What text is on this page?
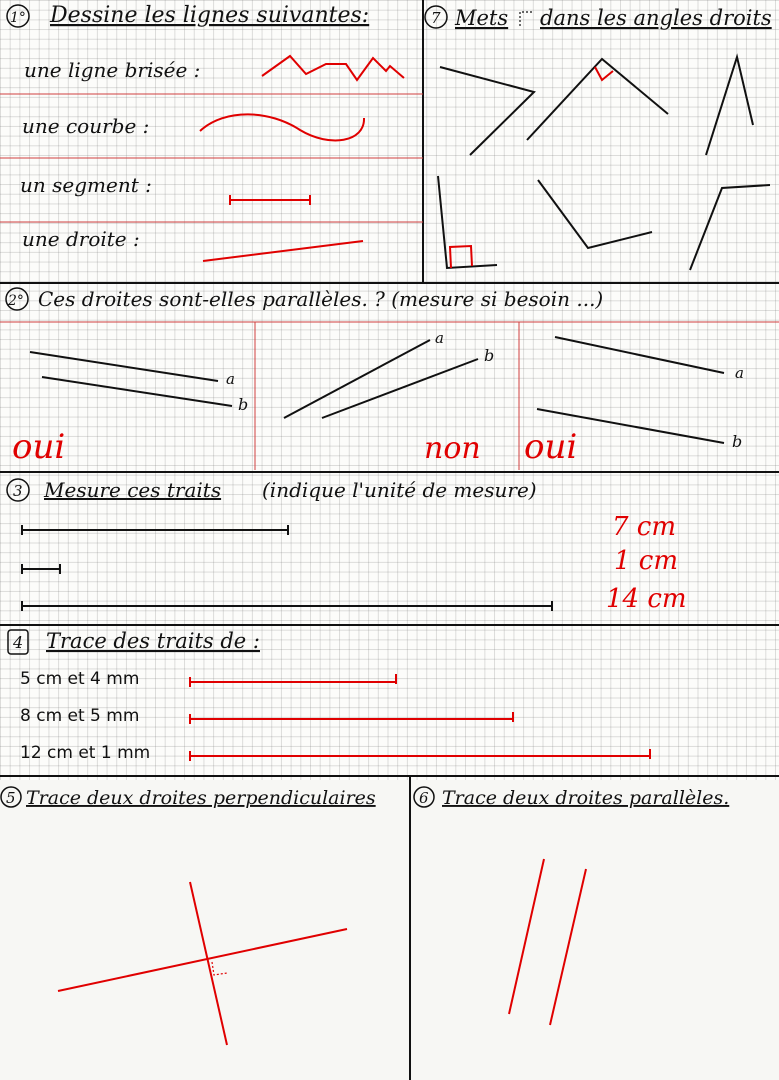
1° Dessine les lignes suivantes:
une ligne brisée :
une courbe :
un segment :
une droite :
7 Mets dans les angles droits
2° Ces droites sont-elles parallèles. ? (mesure si besoin ...)
a
b
a
b
a
b
oui	non oui
3 Mesure ces traits (indique l'unité de mesure)
7 cm
1 cm
14 cm
4 Trace des traits de :
5 cm et 4 mm
8 cm et 5 mm
12 cm et 1 mm
5 Trace deux droites perpendiculaires	6 Trace deux droites parallèles.
